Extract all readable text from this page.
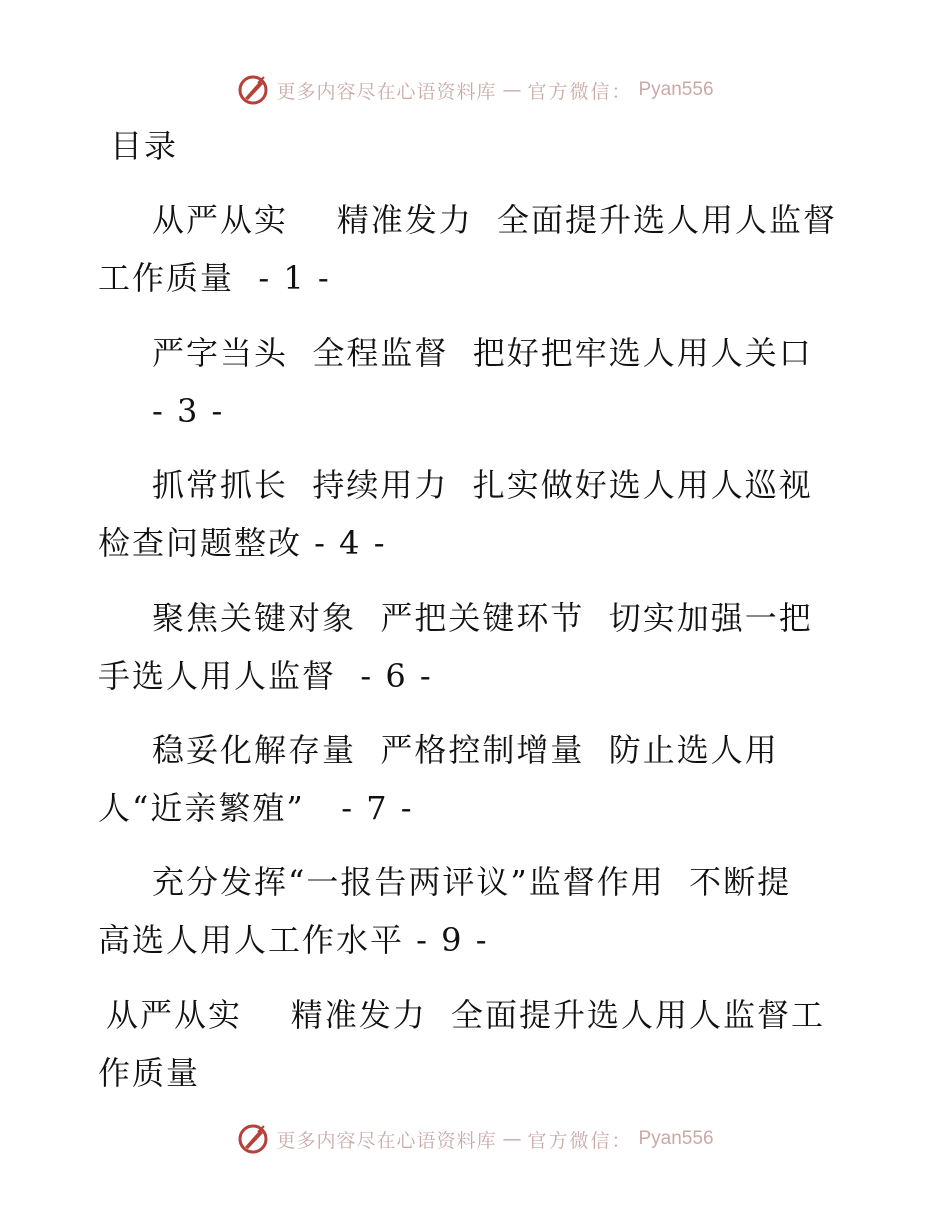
更多内容尽在心语资料库 — 官方微信： Pyan556
目录
从严从实    精准发力  全面提升选人用人监督
工作质量  - 1 -
严字当头  全程监督  把好把牢选人用人关口
- 3 -
抓常抓长  持续用力  扎实做好选人用人巡视
检查问题整改 - 4 -
聚焦关键对象  严把关键环节  切实加强一把
手选人用人监督  - 6 -
稳妥化解存量  严格控制增量  防止选人用
人“近亲繁殖”   - 7 -
充分发挥“一报告两评议”监督作用  不断提
高选人用人工作水平 - 9 -
从严从实    精准发力  全面提升选人用人监督工
作质量
更多内容尽在心语资料库 — 官方微信： Pyan556
